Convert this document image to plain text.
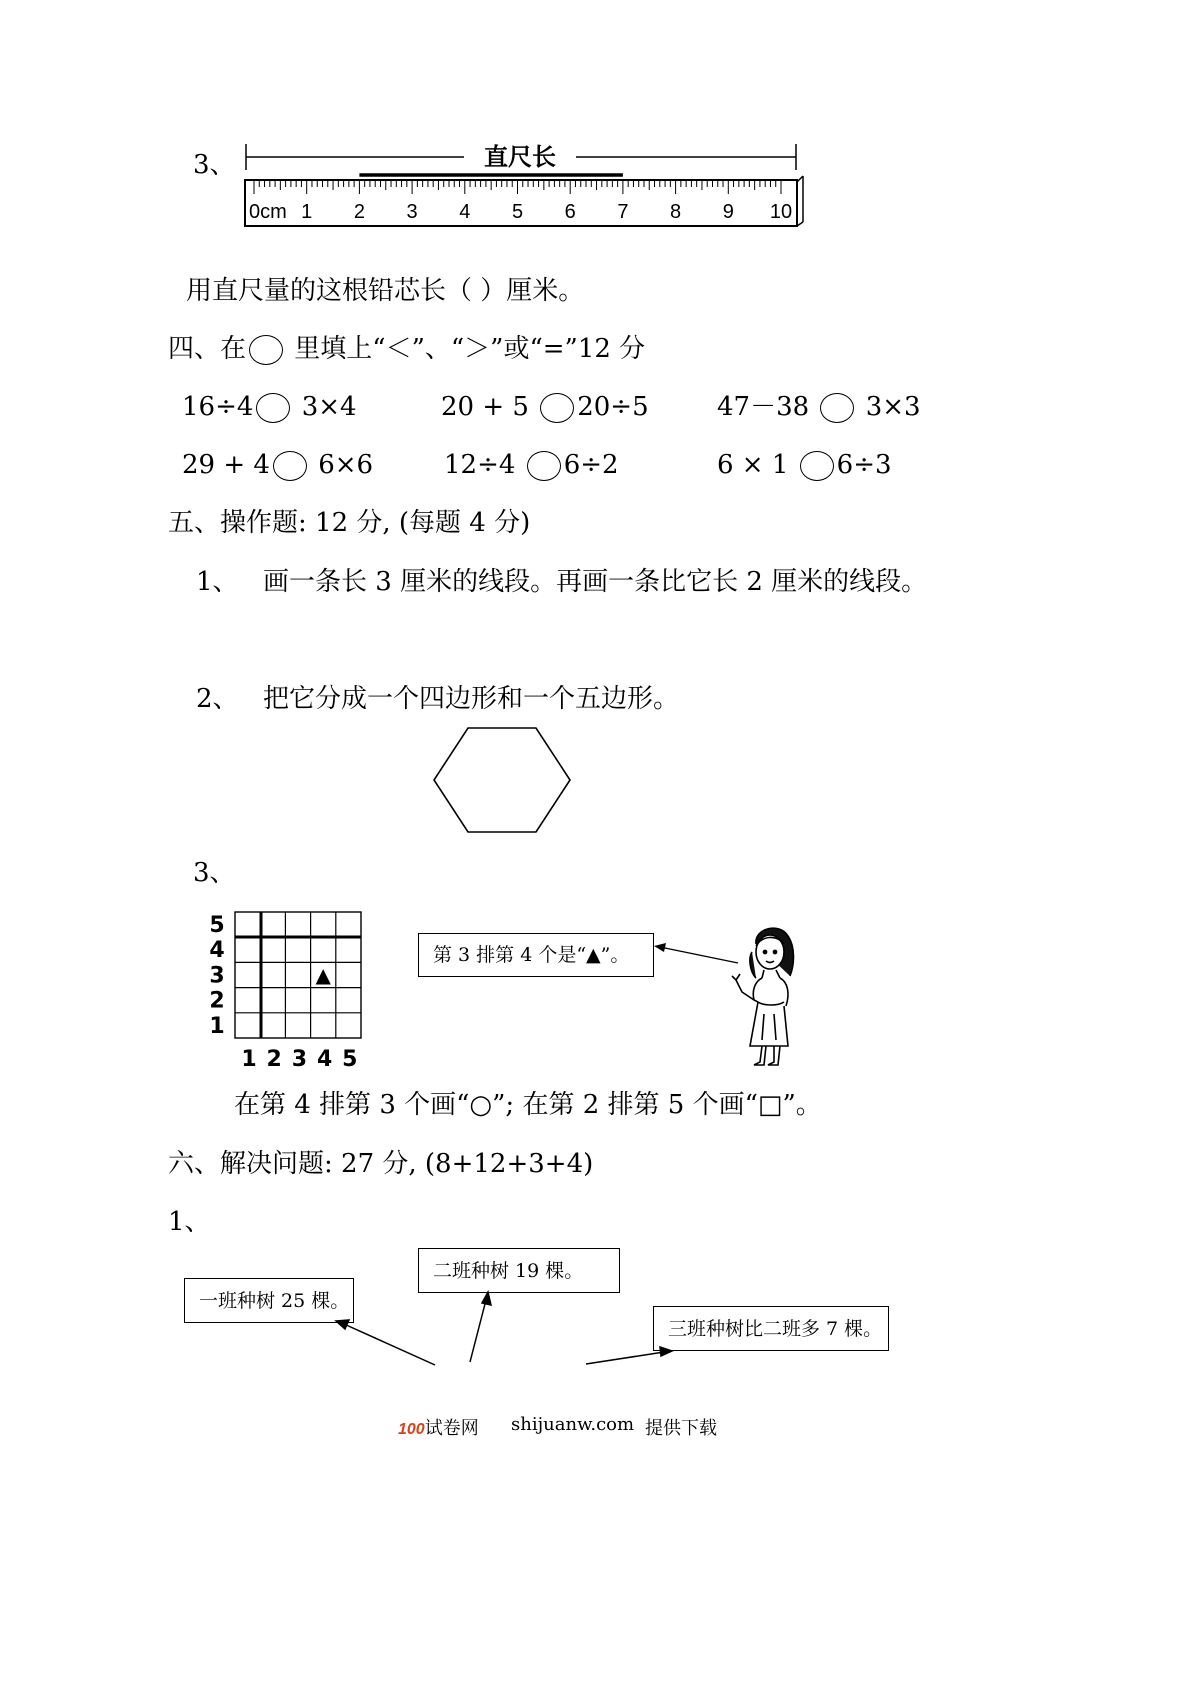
3、	直尺长
0cm 1 2 3 4 5 6 7 8 9 10
用直尺量的这根铅芯长（ ）厘米。
四、在 里填上“＜”、“＞”或“=”12 分
16÷4 3×4	20 + 5 20÷5	47－38 3×3
29 + 4 6×6	12÷4 6÷2	6 × 1 6÷3
五、操作题: 12 分, (每题 4 分)
1、 画一条长 3 厘米的线段。再画一条比它长 2 厘米的线段。
2、 把它分成一个四边形和一个五边形。
3、
5
4
3
2
1
1 2 3 4 5
▲
第 3 排第 4 个是“▲”。
在第 4 排第 3 个画“○”; 在第 2 排第 5 个画“□”。
六、解决问题: 27 分, (8+12+3+4)
1、
二班种树 19 棵。
一班种树 25 棵。
三班种树比二班多 7 棵。
100试卷网 shijuanw.com 提供下载
